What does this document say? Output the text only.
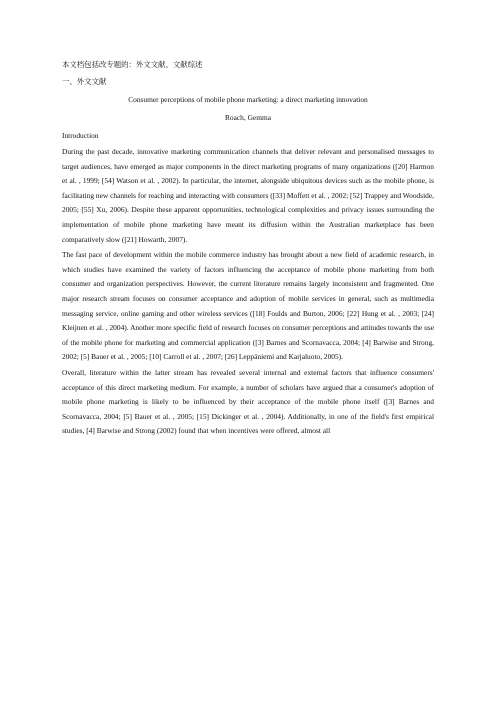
本文档包括改专题的：外文文献、文献综述
一、外文文献
Consumer perceptions of mobile phone marketing: a direct marketing innovation
Roach, Gemma
Introduction

During the past decade, innovative marketing communication channels that deliver relevant and personalised messages to target audiences, have emerged as major components in the direct marketing programs of many organizations ([20] Harmon et al. , 1999; [54] Watson et al. , 2002). In particular, the internet, alongside ubiquitous devices such as the mobile phone, is facilitating new channels for reaching and interacting with consumers ([33] Moffett et al. , 2002; [52] Trappey and Woodside, 2005; [55] Xu, 2006). Despite these apparent opportunities, technological complexities and privacy issues surrounding the implementation of mobile phone marketing have meant its diffusion within the Australian marketplace has been comparatively slow ([21] Howarth, 2007).

The fast pace of development within the mobile commerce industry has brought about a new field of academic research, in which studies have examined the variety of factors influencing the acceptance of mobile phone marketing from both consumer and organization perspectives. However, the current literature remains largely inconsistent and fragmented. One major research stream focuses on consumer acceptance and adoption of mobile services in general, such as multimedia messaging service, online gaming and other wireless services ([18] Foulds and Burton, 2006; [22] Hung et al. , 2003; [24] Kleijnen et al. , 2004). Another more specific field of research focuses on consumer perceptions and attitudes towards the use of the mobile phone for marketing and commercial application ([3] Barnes and Scornavacca, 2004; [4] Barwise and Strong, 2002; [5] Bauer et al. , 2005; [10] Carroll et al. , 2007; [26] Leppäniemi and Karjaluoto, 2005).

Overall, literature within the latter stream has revealed several internal and external factors that influence consumers' acceptance of this direct marketing medium. For example, a number of scholars have argued that a consumer's adoption of mobile phone marketing is likely to be influenced by their acceptance of the mobile phone itself ([3] Barnes and Scornavacca, 2004; [5] Bauer et al. , 2005; [15] Dickinger et al. , 2004). Additionally, in one of the field's first empirical studies, [4] Barwise and Strong (2002) found that when incentives were offered, almost all
